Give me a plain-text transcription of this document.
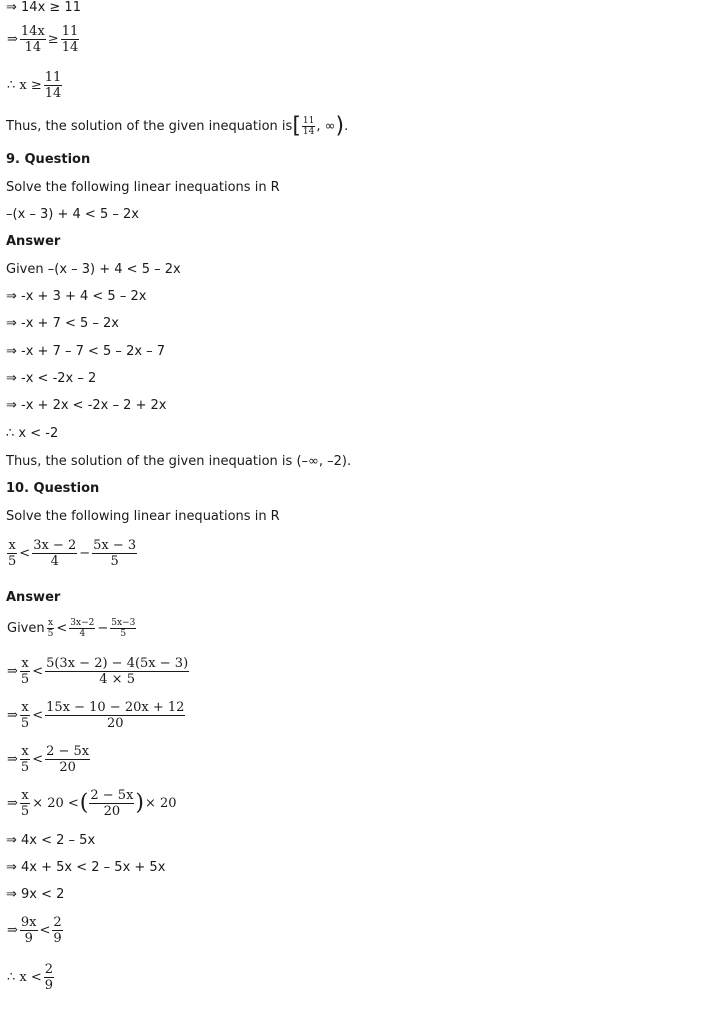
⇒ 14x ≥ 11
⇒ $\frac{14x}{14} \ge \frac{11}{14}$
∴ $x \ge \frac{11}{14}$
Thus, the solution of the given inequation $is[ \frac{11}{14}$ , ∞).
9. Question
Solve the following linear inequations in R
–(x – 3) + 4 < 5 – 2x
Answer
Given –(x – 3) + 4 < 5 – 2x
⇒ -x + 3 + 4 < 5 – 2x
⇒ -x + 7 < 5 – 2x
⇒ -x + 7 – 7 < 5 – 2x – 7
⇒ -x < -2x – 2
⇒ -x + 2x < -2x – 2 + 2x
∴ x < -2
Thus, the solution of the given inequation is (–∞, –2).
10. Question
Solve the following linear inequations in R
$\frac{x}{5} < \frac{3x - 2}{4} - \frac{5x - 3}{5}$
Answer
Given $\frac{x}{5} < \frac{3x-2}{4} - \frac{5x-3}{5}$
⇒ $\frac{x}{5} < \frac{5(3x - 2) - 4(5x - 3)}{4 \times 5}$
⇒ $\frac{x}{5} < \frac{15x - 10 - 20x + 12}{20}$
⇒ $\frac{x}{5} < \frac{2 - 5x}{20}$
⇒ $\frac{x}{5} \times 20$ <( $\frac{2 - 5x}{20}$ )× 20
⇒ 4x < 2 – 5x
⇒ 4x + 5x < 2 – 5x + 5x
⇒ 9x < 2
⇒ $\frac{9x}{9} < \frac{2}{9}$
∴ $x < \frac{2}{9}$
